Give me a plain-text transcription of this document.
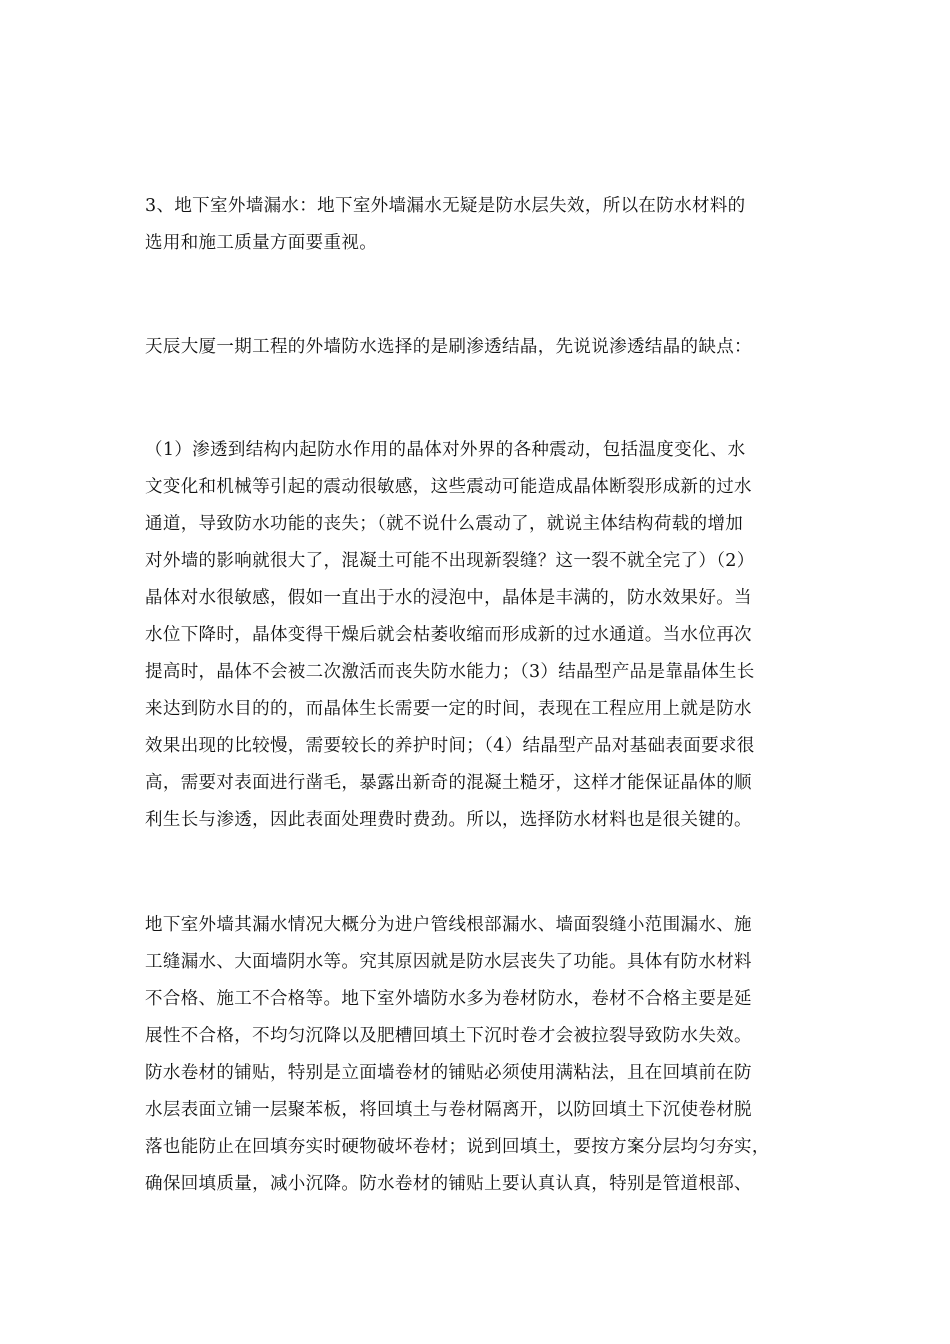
3、地下室外墙漏水：地下室外墙漏水无疑是防水层失效，所以在防水材料的
选用和施工质量方面要重视。
天辰大厦一期工程的外墙防水选择的是刷渗透结晶，先说说渗透结晶的缺点：
（1）渗透到结构内起防水作用的晶体对外界的各种震动，包括温度变化、水
文变化和机械等引起的震动很敏感，这些震动可能造成晶体断裂形成新的过水
通道，导致防水功能的丧失；（就不说什么震动了，就说主体结构荷载的增加
对外墙的影响就很大了，混凝土可能不出现新裂缝？这一裂不就全完了）（2）
晶体对水很敏感，假如一直出于水的浸泡中，晶体是丰满的，防水效果好。当
水位下降时，晶体变得干燥后就会枯萎收缩而形成新的过水通道。当水位再次
提高时，晶体不会被二次激活而丧失防水能力；（3）结晶型产品是靠晶体生长
来达到防水目的的，而晶体生长需要一定的时间，表现在工程应用上就是防水
效果出现的比较慢，需要较长的养护时间；（4）结晶型产品对基础表面要求很
高，需要对表面进行凿毛，暴露出新奇的混凝土糙牙，这样才能保证晶体的顺
利生长与渗透，因此表面处理费时费劲。所以，选择防水材料也是很关键的。
地下室外墙其漏水情况大概分为进户管线根部漏水、墙面裂缝小范围漏水、施
工缝漏水、大面墙阴水等。究其原因就是防水层丧失了功能。具体有防水材料
不合格、施工不合格等。地下室外墙防水多为卷材防水，卷材不合格主要是延
展性不合格，不均匀沉降以及肥槽回填土下沉时卷才会被拉裂导致防水失效。
防水卷材的铺贴，特别是立面墙卷材的铺贴必须使用满粘法，且在回填前在防
水层表面立铺一层聚苯板，将回填土与卷材隔离开，以防回填土下沉使卷材脱
落也能防止在回填夯实时硬物破坏卷材；说到回填土，要按方案分层均匀夯实，
确保回填质量，减小沉降。防水卷材的铺贴上要认真认真，特别是管道根部、
